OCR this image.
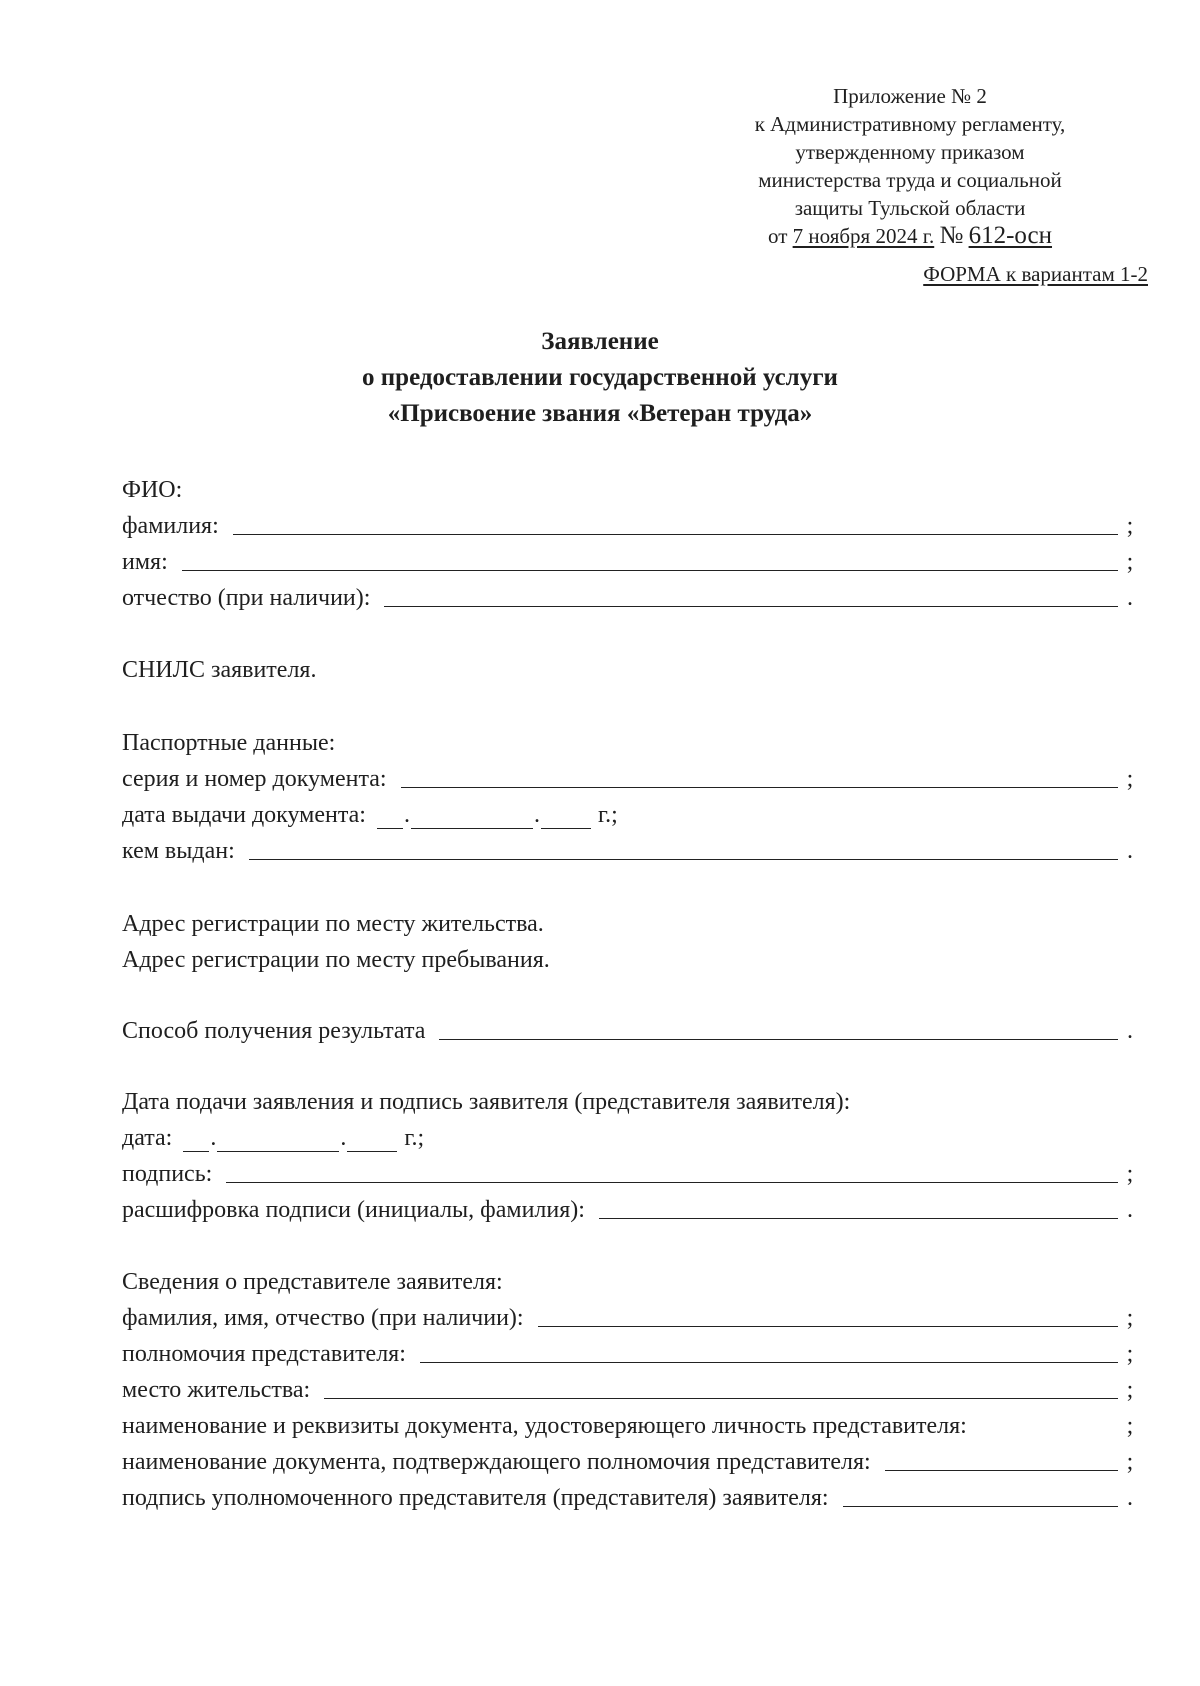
Приложение № 2
к Административному регламенту,
утвержденному приказом
министерства труда и социальной
защиты Тульской области
от 7 ноября 2024 г. № 612-осн
ФОРМА к вариантам 1-2
Заявление
о предоставлении государственной услуги
«Присвоение звания «Ветеран труда»
ФИО:
фамилия:	;
имя:	;
отчество (при наличии):	.
СНИЛС заявителя.
Паспортные данные:
серия и номер документа:	;
дата выдачи документа:	.	.	г.;
кем выдан:	.
Адрес регистрации по месту жительства.
Адрес регистрации по месту пребывания.
Способ получения результата	.
Дата подачи заявления и подпись заявителя (представителя заявителя):
дата:	.	.	г.;
подпись:	;
расшифровка подписи (инициалы, фамилия):	.
Сведения о представителе заявителя:
фамилия, имя, отчество (при наличии):	;
полномочия представителя:	;
место жительства:	;
наименование и реквизиты документа, удостоверяющего личность представителя:	;
наименование документа, подтверждающего полномочия представителя:	;
подпись уполномоченного представителя (представителя) заявителя:	.
